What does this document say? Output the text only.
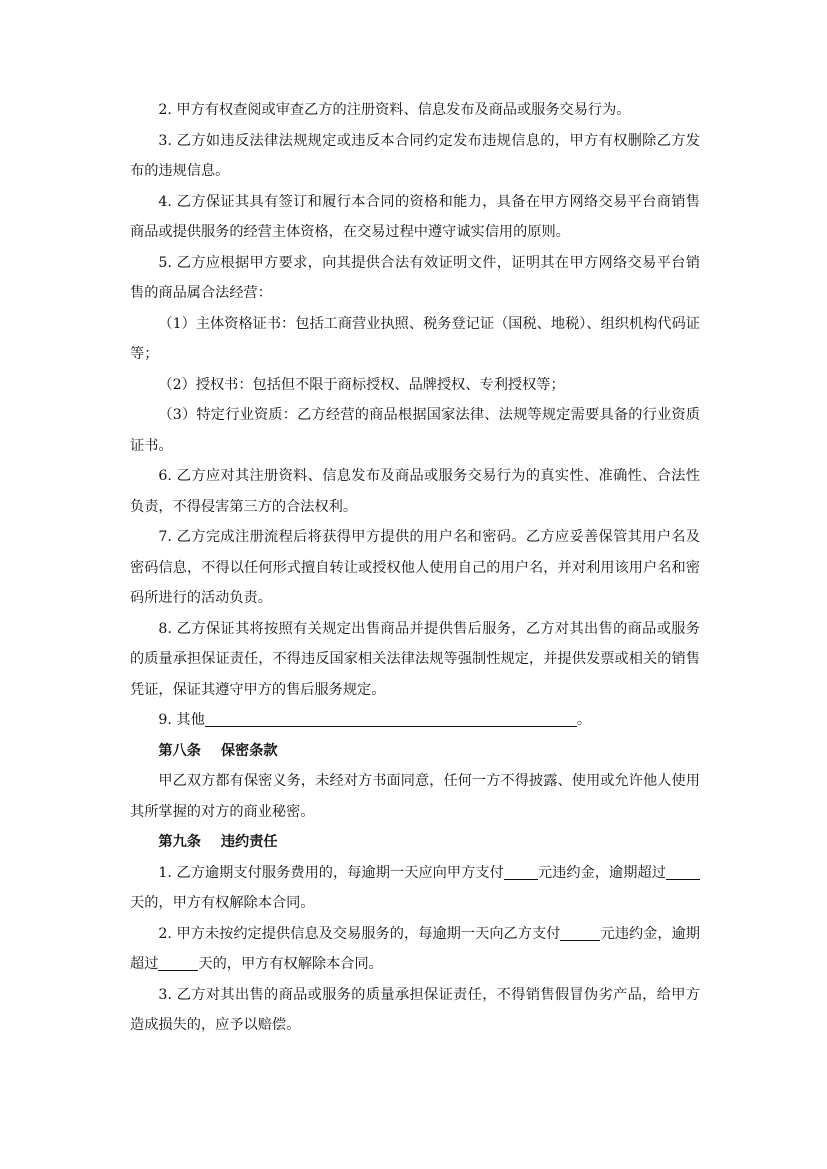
2. 甲方有权查阅或审查乙方的注册资料、信息发布及商品或服务交易行为。

3. 乙方如违反法律法规规定或违反本合同约定发布违规信息的，甲方有权删除乙方发布的违规信息。

4. 乙方保证其具有签订和履行本合同的资格和能力，具备在甲方网络交易平台商销售商品或提供服务的经营主体资格，在交易过程中遵守诚实信用的原则。

5. 乙方应根据甲方要求，向其提供合法有效证明文件，证明其在甲方网络交易平台销售的商品属合法经营：

（1）主体资格证书：包括工商营业执照、税务登记证（国税、地税）、组织机构代码证等；

（2）授权书：包括但不限于商标授权、品牌授权、专利授权等；

（3）特定行业资质：乙方经营的商品根据国家法律、法规等规定需要具备的行业资质证书。

6. 乙方应对其注册资料、信息发布及商品或服务交易行为的真实性、准确性、合法性负责，不得侵害第三方的合法权利。

7. 乙方完成注册流程后将获得甲方提供的用户名和密码。乙方应妥善保管其用户名及密码信息，不得以任何形式擅自转让或授权他人使用自己的用户名，并对利用该用户名和密码所进行的活动负责。

8. 乙方保证其将按照有关规定出售商品并提供售后服务，乙方对其出售的商品或服务的质量承担保证责任，不得违反国家相关法律法规等强制性规定，并提供发票或相关的销售凭证，保证其遵守甲方的售后服务规定。

9. 其他	。

第八条 保密条款

甲乙双方都有保密义务，未经对方书面同意，任何一方不得披露、使用或允许他人使用其所掌握的对方的商业秘密。

第九条 违约责任

1. 乙方逾期支付服务费用的，每逾期一天应向甲方支付 元违约金，逾期超过天的，甲方有权解除本合同。

2. 甲方未按约定提供信息及交易服务的，每逾期一天向乙方支付	元违约金，逾期超过	天的，甲方有权解除本合同。

3. 乙方对其出售的商品或服务的质量承担保证责任，不得销售假冒伪劣产品，给甲方造成损失的，应予以赔偿。
